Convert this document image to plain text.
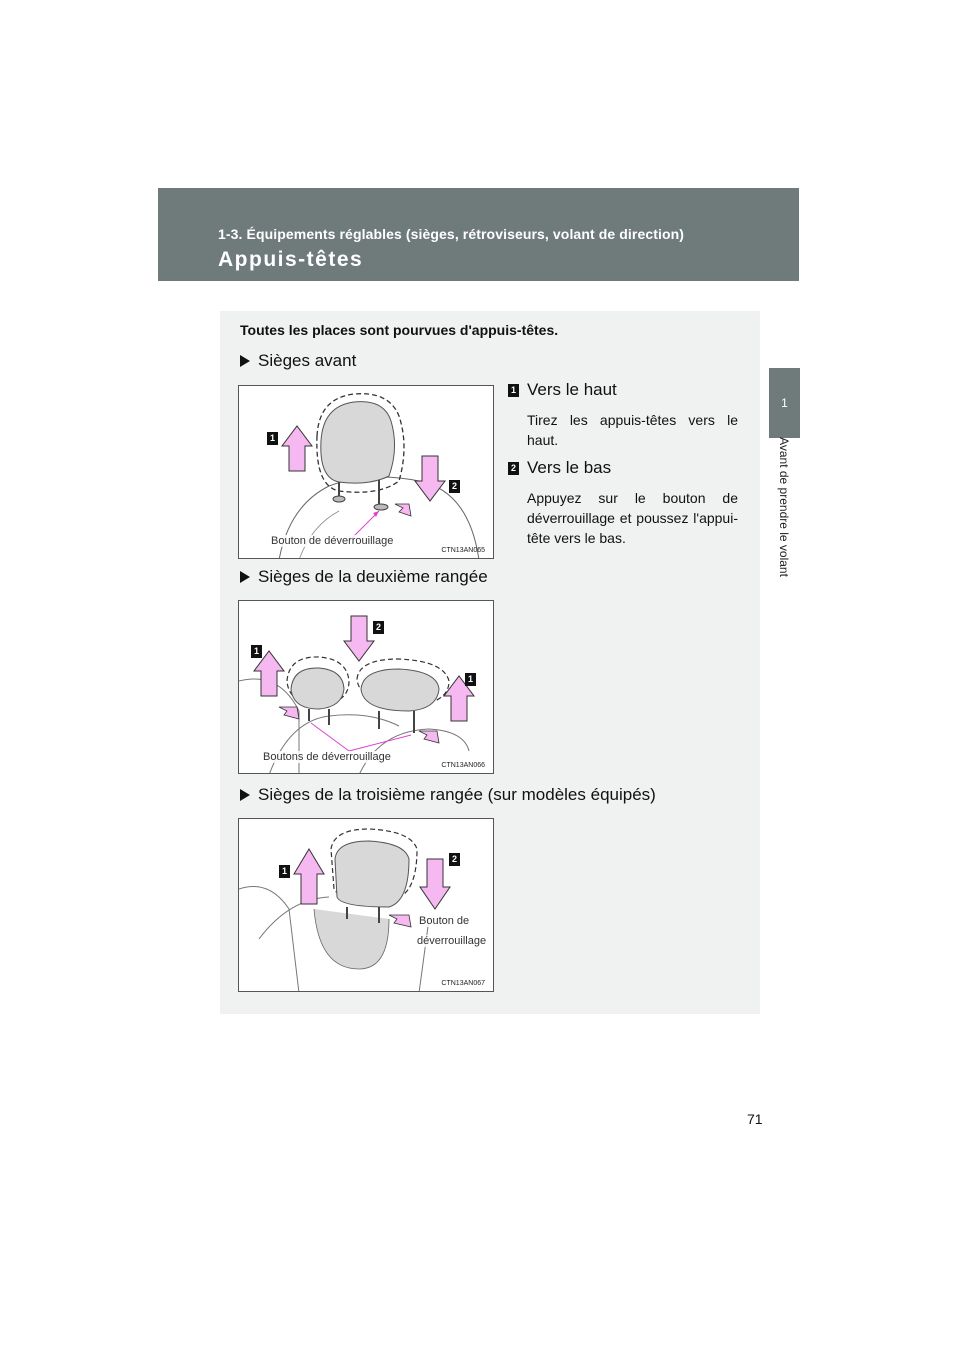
1-3. Équipements réglables (sièges, rétroviseurs, volant de direction)
Appuis-têtes
1
Avant de prendre le volant
Toutes les places sont pourvues d'appuis-têtes.
Sièges avant
1
2
Bouton de déverrouillage
CTN13AN065
1 Vers le haut
Tirez les appuis-têtes vers le haut.
2 Vers le bas
Appuyez sur le bouton de déverrouillage et poussez l'appui-tête vers le bas.
Sièges de la deuxième rangée
1
2
1
Boutons de déverrouillage
CTN13AN066
Sièges de la troisième rangée (sur modèles équipés)
1
2
Bouton de
déverrouillage
CTN13AN067
71
